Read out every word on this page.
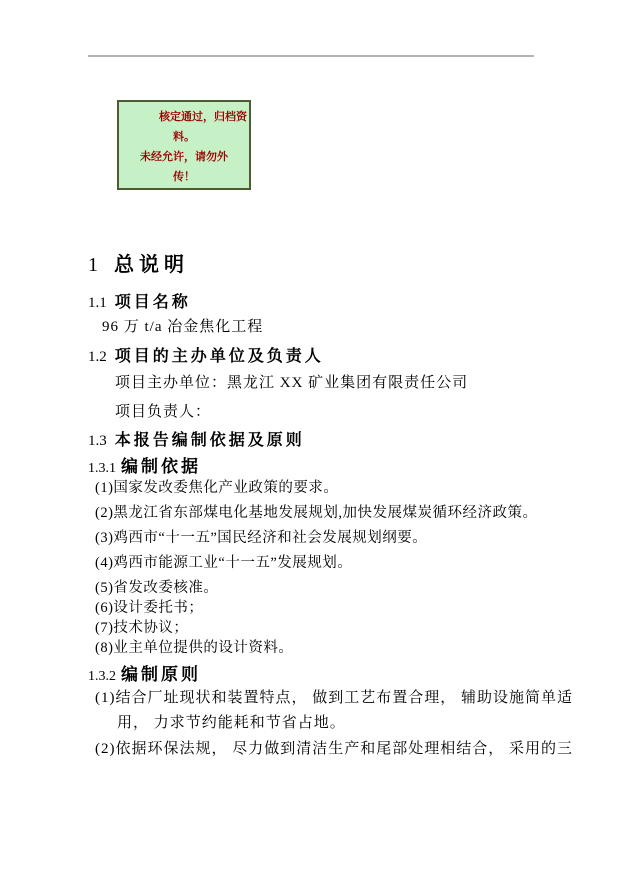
核定通过，归档资
料。
未经允许，请勿外
传！
1 总说明
1.1 项目名称
96 万 t/a 冶金焦化工程
1.2 项目的主办单位及负责人
项目主办单位：黑龙江 XX 矿业集团有限责任公司
项目负责人：
1.3 本报告编制依据及原则
1.3.1 编制依据
(1)国家发改委焦化产业政策的要求。
(2)黑龙江省东部煤电化基地发展规划,加快发展煤炭循环经济政策。
(3)鸡西市“十一五”国民经济和社会发展规划纲要。
(4)鸡西市能源工业“十一五”发展规划。
(5)省发改委核准。
(6)设计委托书；
(7)技术协议；
(8)业主单位提供的设计资料。
1.3.2 编制原则
(1)结合厂址现状和装置特点， 做到工艺布置合理， 辅助设施简单适
用， 力求节约能耗和节省占地。
(2)依据环保法规， 尽力做到清洁生产和尾部处理相结合， 采用的三
